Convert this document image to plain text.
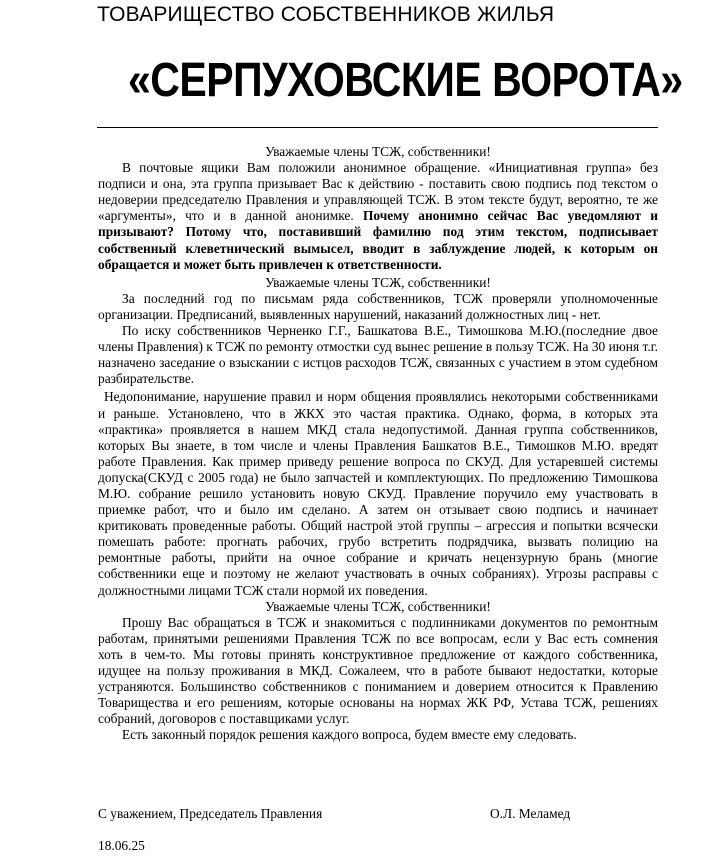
ТОВАРИЩЕСТВО СОБСТВЕННИКОВ ЖИЛЬЯ
«СЕРПУХОВСКИЕ ВОРОТА»

Уважаемые члены ТСЖ, собственники!

В почтовые ящики Вам положили анонимное обращение. «Инициативная группа» без подписи и она, эта группа призывает Вас к действию - поставить свою подпись под текстом о недоверии председателю Правления и управляющей ТСЖ. В этом тексте будут, вероятно, те же «аргументы», что и в данной анонимке. Почему анонимно сейчас Вас уведомляют и призывают? Потому что, поставивший фамилию под этим текстом, подписывает собственный клеветнический вымысел, вводит в заблуждение людей, к которым он обращается и может быть привлечен к ответственности.

Уважаемые члены ТСЖ, собственники!

За последний год по письмам ряда собственников, ТСЖ проверяли уполномоченные организации. Предписаний, выявленных нарушений, наказаний должностных лиц - нет.

По иску собственников Черненко Г.Г., Башкатова В.Е., Тимошкова М.Ю.(последние двое члены Правления) к ТСЖ по ремонту отмостки суд вынес решение в пользу ТСЖ. На 30 июня т.г. назначено заседание о взыскании с истцов расходов ТСЖ, связанных с участием в этом судебном разбирательстве.

Недопонимание, нарушение правил и норм общения проявлялись некоторыми собственниками и раньше. Установлено, что в ЖКХ это частая практика. Однако, форма, в которых эта «практика» проявляется в нашем МКД стала недопустимой. Данная группа собственников, которых Вы знаете, в том числе и члены Правления Башкатов В.Е., Тимошков М.Ю. вредят работе Правления. Как пример приведу решение вопроса по СКУД. Для устаревшей системы допуска(СКУД с 2005 года) не было запчастей и комплектующих. По предложению Тимошкова М.Ю. собрание решило установить новую СКУД. Правление поручило ему участвовать в приемке работ, что и было им сделано. А затем он отзывает свою подпись и начинает критиковать проведенные работы. Общий настрой этой группы – агрессия и попытки всячески помешать работе: прогнать рабочих, грубо встретить подрядчика, вызвать полицию на ремонтные работы, прийти на очное собрание и кричать нецензурную брань (многие собственники еще и поэтому не желают участвовать в очных собраниях). Угрозы расправы с должностными лицами ТСЖ стали нормой их поведения.

Уважаемые члены ТСЖ, собственники!

Прошу Вас обращаться в ТСЖ и знакомиться с подлинниками документов по ремонтным работам, принятыми решениями Правления ТСЖ по все вопросам, если у Вас есть сомнения хоть в чем-то. Мы готовы принять конструктивное предложение от каждого собственника, идущее на пользу проживания в МКД. Сожалеем, что в работе бывают недостатки, которые устраняются. Большинство собственников с пониманием и доверием относится к Правлению Товарищества и его решениям, которые основаны на нормах ЖК РФ, Устава ТСЖ, решениях собраний, договоров с поставщиками услуг.

Есть законный порядок решения каждого вопроса, будем вместе ему следовать.

С уважением, Председатель Правления	О.Л. Меламед
18.06.25
